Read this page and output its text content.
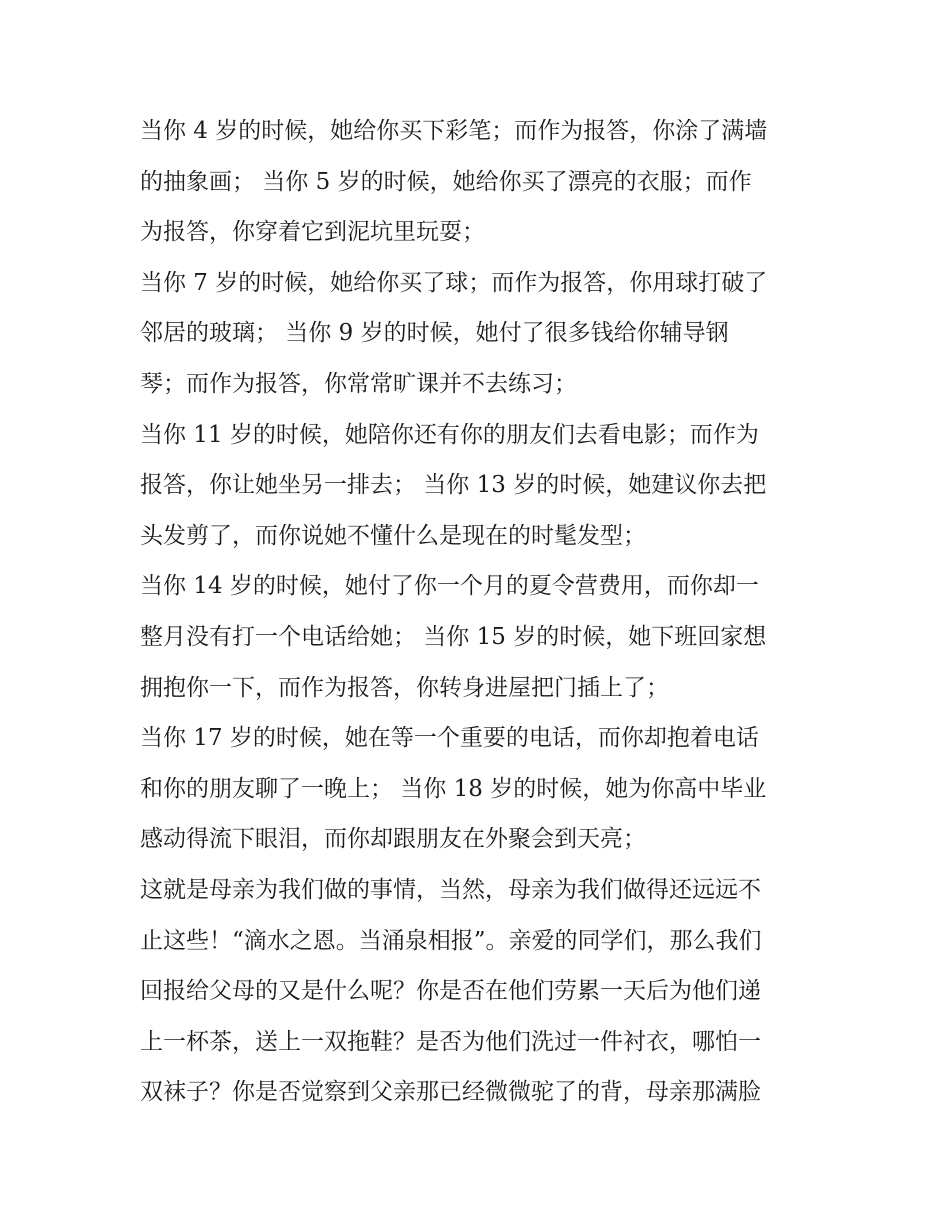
当你 4 岁的时候，她给你买下彩笔；而作为报答，你涂了满墙
的抽象画； 当你 5 岁的时候，她给你买了漂亮的衣服；而作
为报答，你穿着它到泥坑里玩耍；
当你 7 岁的时候，她给你买了球；而作为报答，你用球打破了
邻居的玻璃； 当你 9 岁的时候，她付了很多钱给你辅导钢
琴；而作为报答，你常常旷课并不去练习；
当你 11 岁的时候，她陪你还有你的朋友们去看电影；而作为
报答，你让她坐另一排去； 当你 13 岁的时候，她建议你去把
头发剪了，而你说她不懂什么是现在的时髦发型；
当你 14 岁的时候，她付了你一个月的夏令营费用，而你却一
整月没有打一个电话给她； 当你 15 岁的时候，她下班回家想
拥抱你一下，而作为报答，你转身进屋把门插上了；
当你 17 岁的时候，她在等一个重要的电话，而你却抱着电话
和你的朋友聊了一晚上； 当你 18 岁的时候，她为你高中毕业
感动得流下眼泪，而你却跟朋友在外聚会到天亮；
这就是母亲为我们做的事情，当然，母亲为我们做得还远远不
止这些！“滴水之恩。当涌泉相报”。亲爱的同学们，那么我们
回报给父母的又是什么呢？你是否在他们劳累一天后为他们递
上一杯茶，送上一双拖鞋？是否为他们洗过一件衬衣，哪怕一
双袜子？你是否觉察到父亲那已经微微驼了的背，母亲那满脸
